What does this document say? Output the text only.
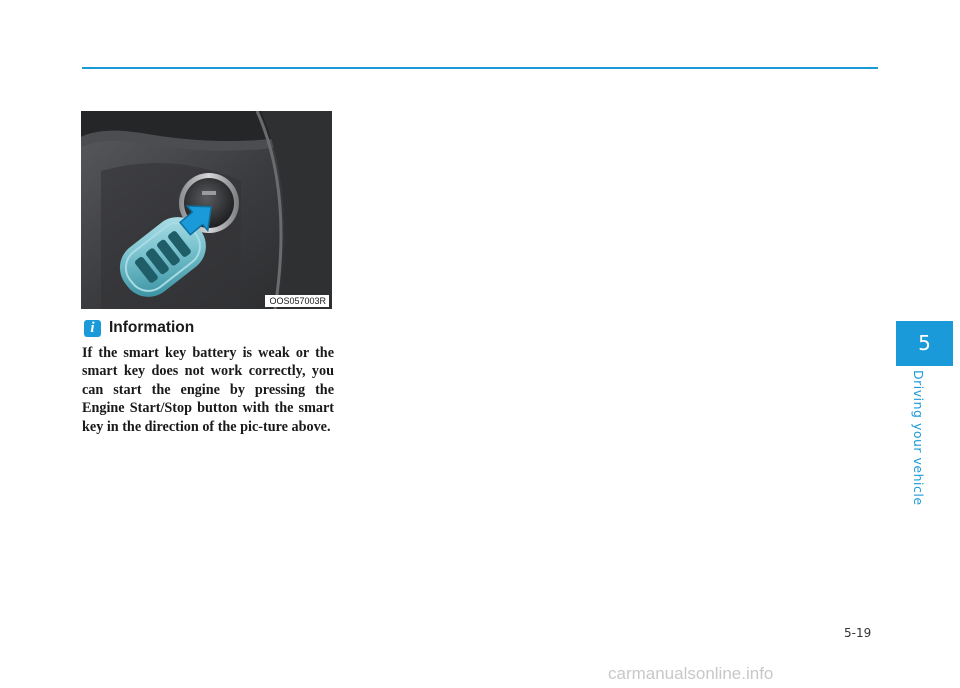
OOS057003R
i Information

If the smart key battery is weak or the smart key does not work correctly, you can start the engine by pressing the Engine Start/Stop button with the smart key in the direction of the pic-ture above.

5
Driving your vehicle
5-19
carmanualsonline.info
